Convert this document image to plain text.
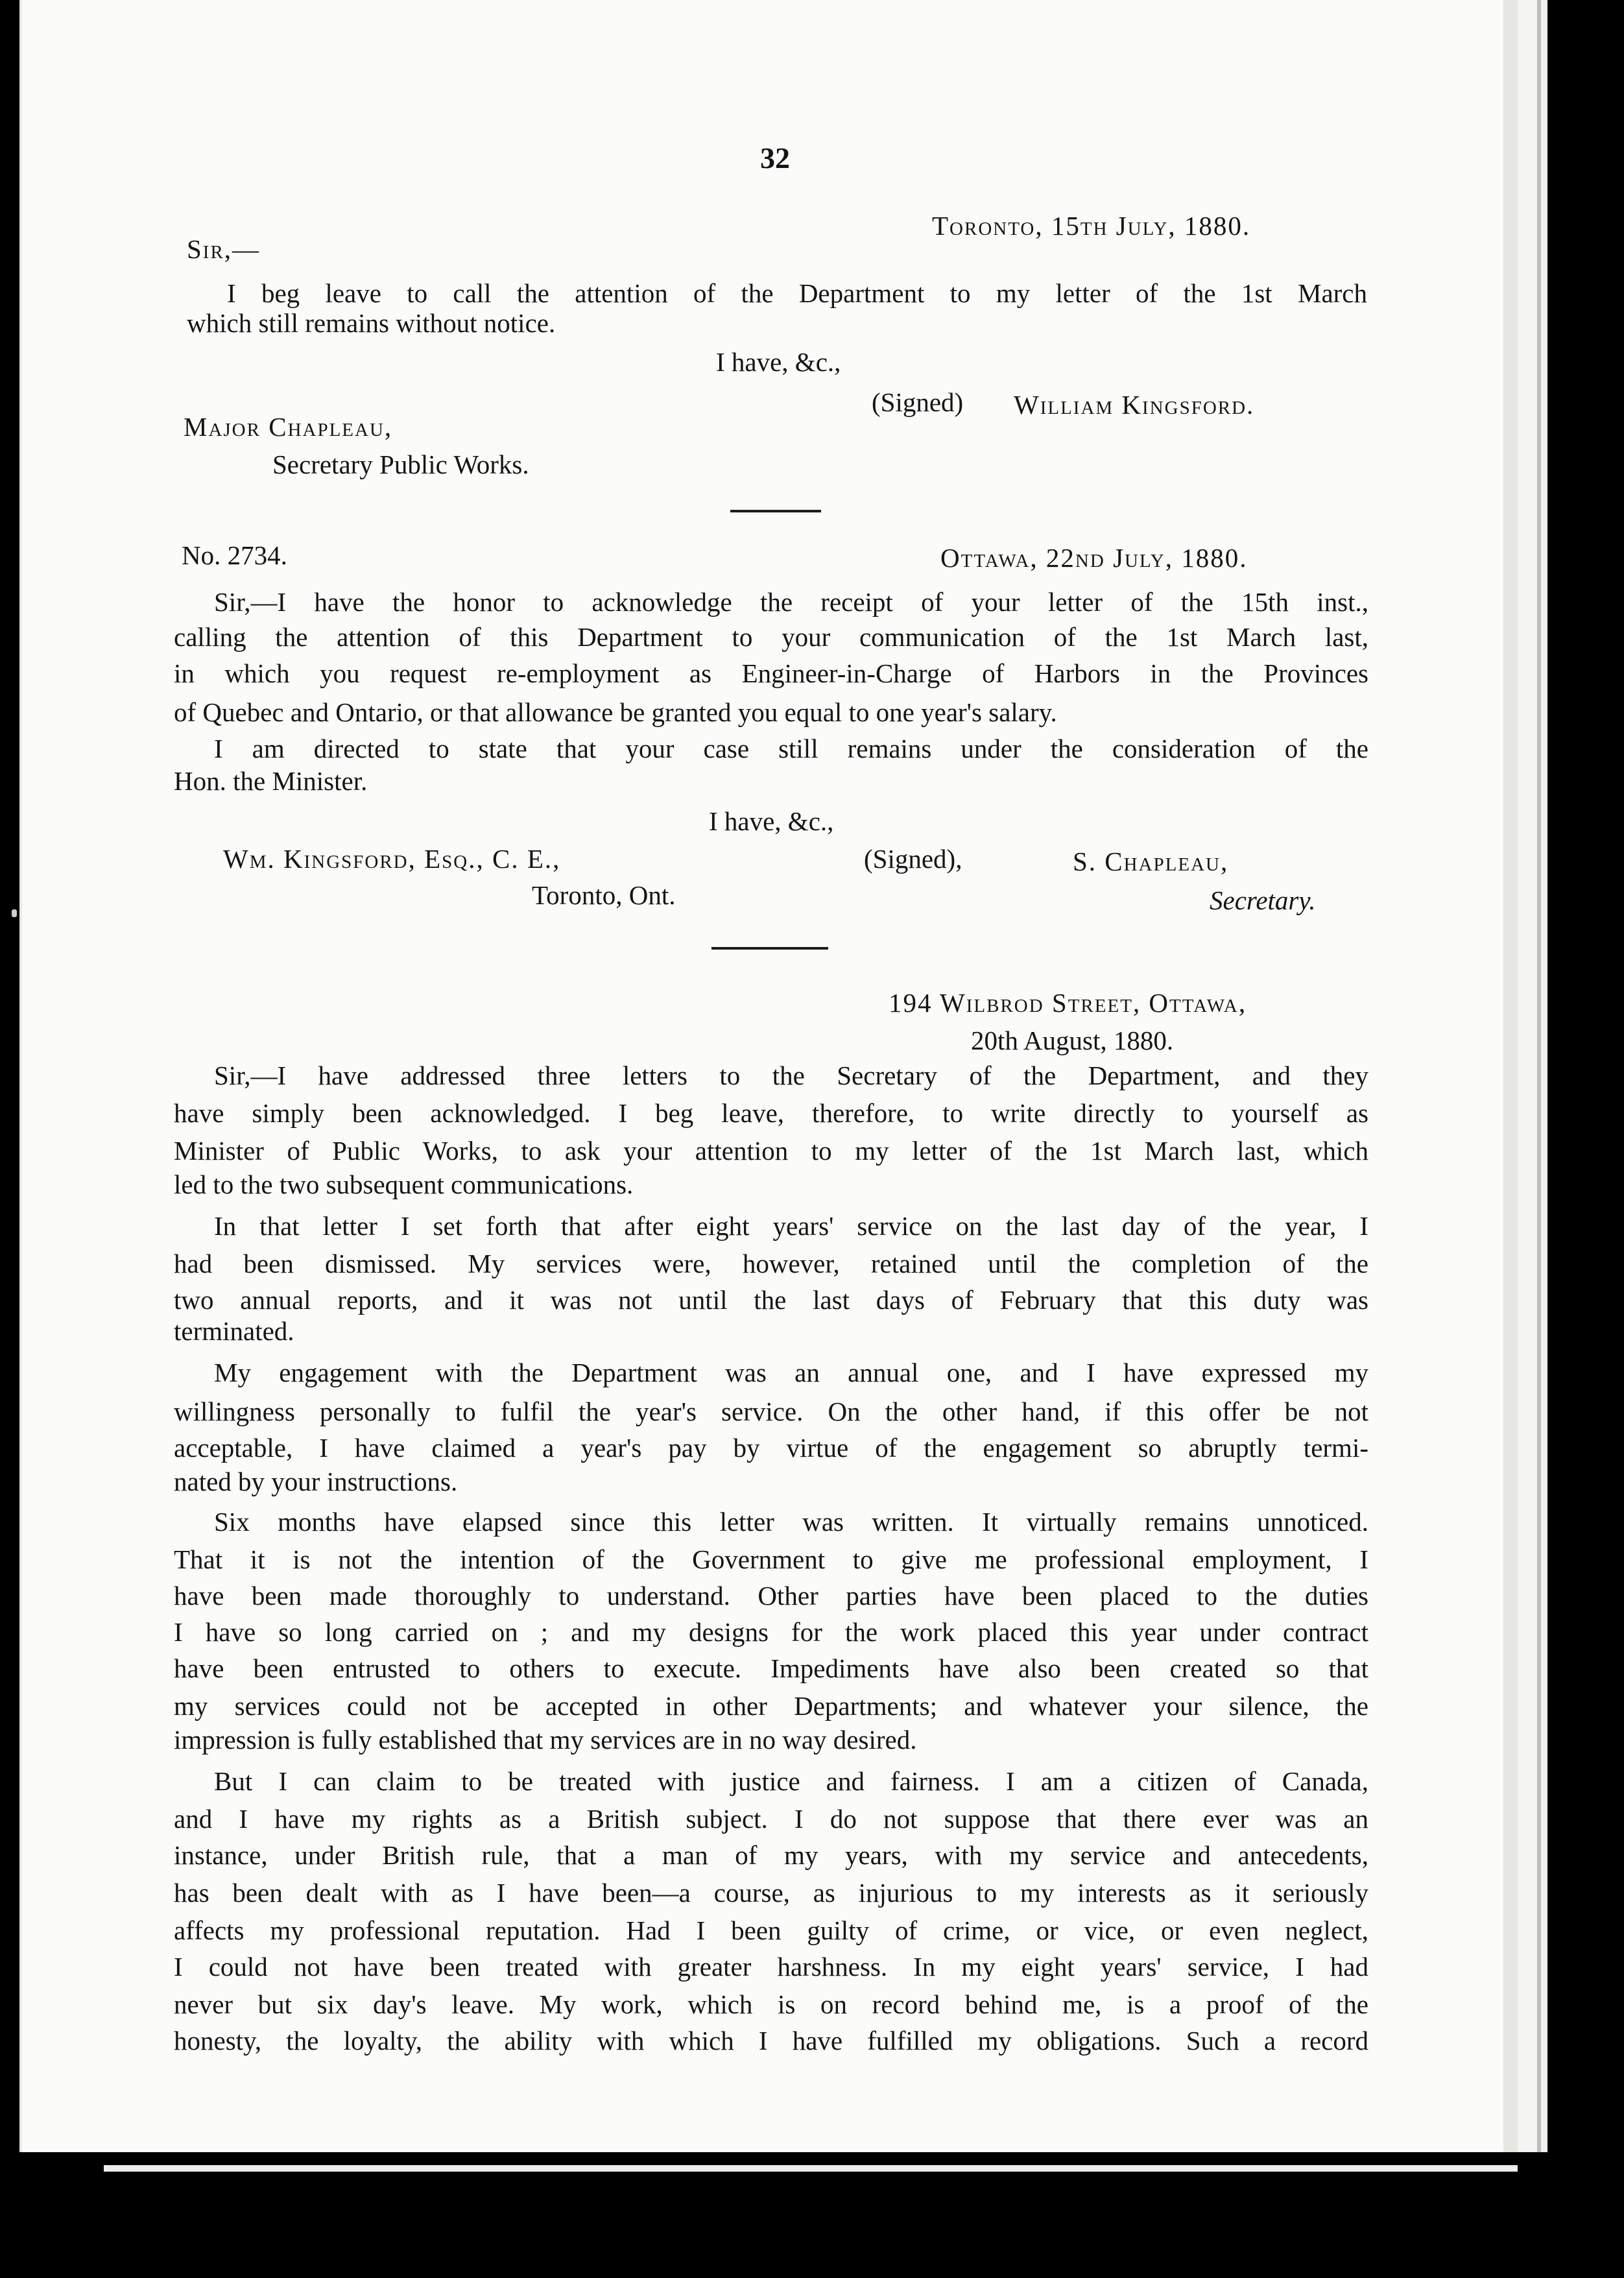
32
Toronto, 15th July, 1880.
Sir,—
I beg leave to call the attention of the Department to my letter of the 1st March
which still remains without notice.
I have, &c.,
(Signed) William Kingsford.
Major Chapleau,
Secretary Public Works.
No. 2734.	Ottawa, 22nd July, 1880.
Sir,—I have the honor to acknowledge the receipt of your letter of the 15th inst.,
calling the attention of this Department to your communication of the 1st March last,
in which you request re-employment as Engineer-in-Charge of Harbors in the Provinces
of Quebec and Ontario, or that allowance be granted you equal to one year's salary.
I am directed to state that your case still remains under the consideration of the
Hon. the Minister.
I have, &c.,
Wm. Kingsford, Esq., C. E.,	(Signed),	S. Chapleau,
Toronto, Ont.	Secretary.
194 Wilbrod Street, Ottawa,
20th August, 1880.
Sir,—I have addressed three letters to the Secretary of the Department, and they
have simply been acknowledged. I beg leave, therefore, to write directly to yourself as
Minister of Public Works, to ask your attention to my letter of the 1st March last, which
led to the two subsequent communications.
In that letter I set forth that after eight years' service on the last day of the year, I
had been dismissed. My services were, however, retained until the completion of the
two annual reports, and it was not until the last days of February that this duty was
terminated.
My engagement with the Department was an annual one, and I have expressed my
willingness personally to fulfil the year's service. On the other hand, if this offer be not
acceptable, I have claimed a year's pay by virtue of the engagement so abruptly termi-
nated by your instructions.
Six months have elapsed since this letter was written. It virtually remains unnoticed.
That it is not the intention of the Government to give me professional employment, I
have been made thoroughly to understand. Other parties have been placed to the duties
I have so long carried on ; and my designs for the work placed this year under contract
have been entrusted to others to execute. Impediments have also been created so that
my services could not be accepted in other Departments; and whatever your silence, the
impression is fully established that my services are in no way desired.
But I can claim to be treated with justice and fairness. I am a citizen of Canada,
and I have my rights as a British subject. I do not suppose that there ever was an
instance, under British rule, that a man of my years, with my service and antecedents,
has been dealt with as I have been—a course, as injurious to my interests as it seriously
affects my professional reputation. Had I been guilty of crime, or vice, or even neglect,
I could not have been treated with greater harshness. In my eight years' service, I had
never but six day's leave. My work, which is on record behind me, is a proof of the
honesty, the loyalty, the ability with which I have fulfilled my obligations. Such a record
